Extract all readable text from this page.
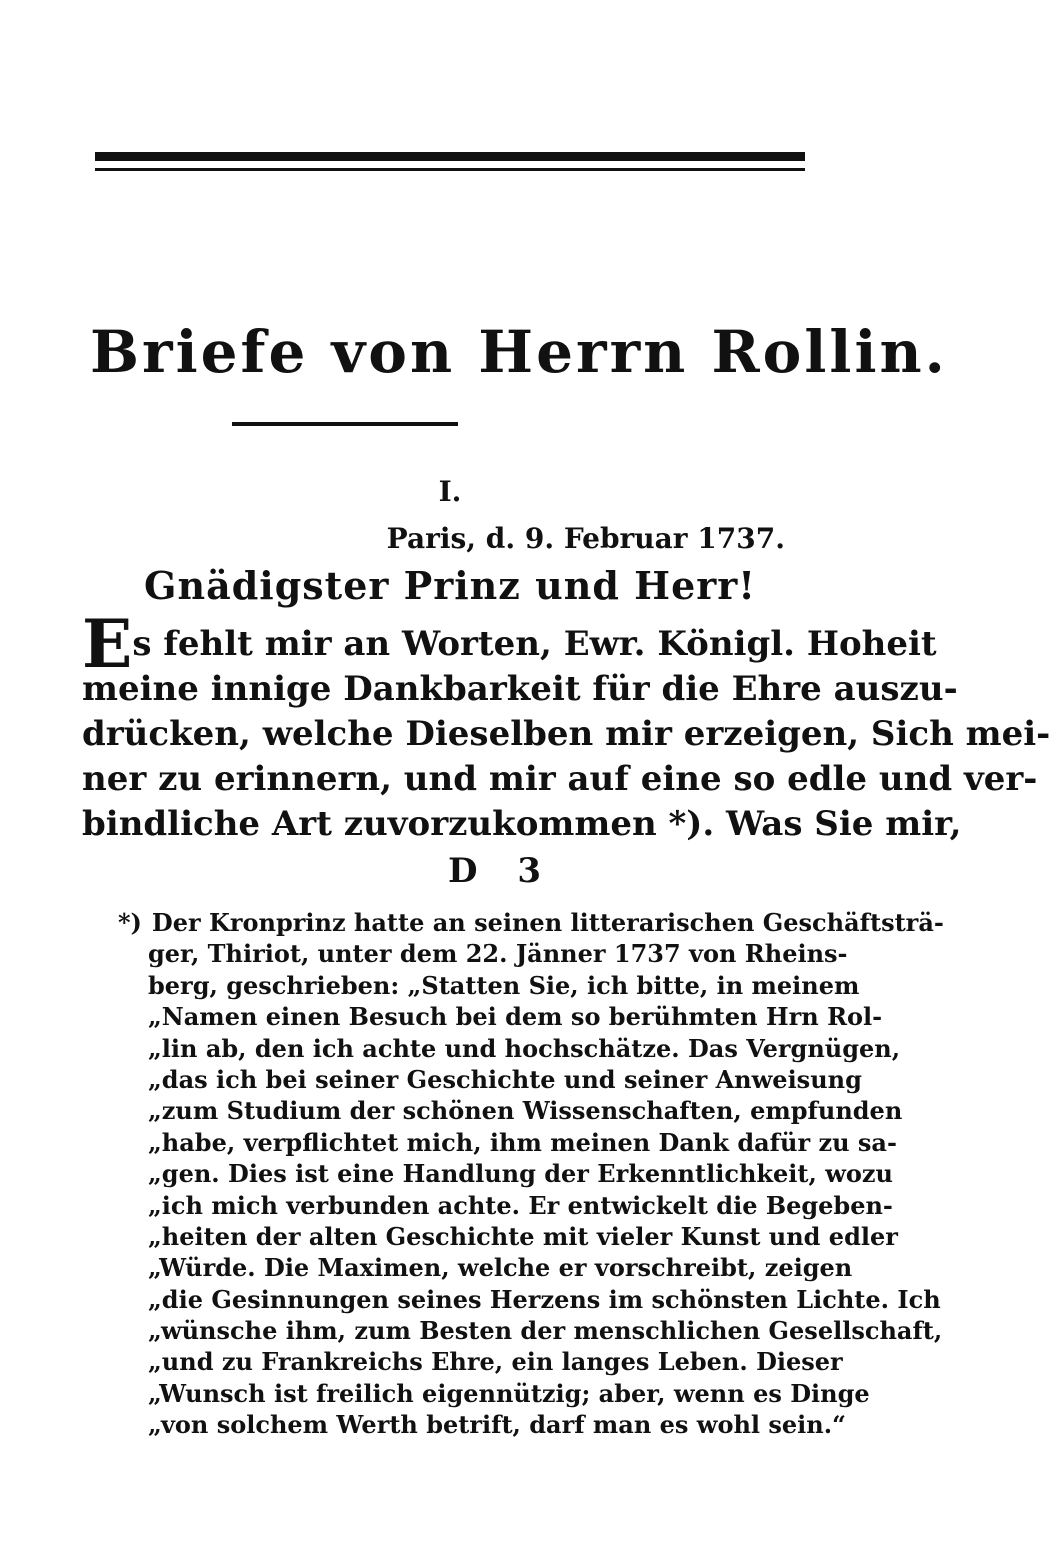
Briefe von Herrn Rollin.
I.
Paris, d. 9. Februar 1737.
Gnädigster Prinz und Herr!
Es fehlt mir an Worten, Ewr. Königl. Hoheit
meine innige Dankbarkeit für die Ehre auszu-
drücken, welche Dieselben mir erzeigen, Sich mei-
ner zu erinnern, und mir auf eine so edle und ver-
bindliche Art zuvorzukommen *). Was Sie mir,
D 3
*) Der Kronprinz hatte an seinen litterarischen Geschäftsträ-
ger, Thiriot, unter dem 22. Jänner 1737 von Rheins-
berg, geschrieben: „Statten Sie, ich bitte, in meinem
„Namen einen Besuch bei dem so berühmten Hrn Rol-
„lin ab, den ich achte und hochschätze. Das Vergnügen,
„das ich bei seiner Geschichte und seiner Anweisung
„zum Studium der schönen Wissenschaften, empfunden
„habe, verpflichtet mich, ihm meinen Dank dafür zu sa-
„gen. Dies ist eine Handlung der Erkenntlichkeit, wozu
„ich mich verbunden achte. Er entwickelt die Begeben-
„heiten der alten Geschichte mit vieler Kunst und edler
„Würde. Die Maximen, welche er vorschreibt, zeigen
„die Gesinnungen seines Herzens im schönsten Lichte. Ich
„wünsche ihm, zum Besten der menschlichen Gesellschaft,
„und zu Frankreichs Ehre, ein langes Leben. Dieser
„Wunsch ist freilich eigennützig; aber, wenn es Dinge
„von solchem Werth betrift, darf man es wohl sein.“
